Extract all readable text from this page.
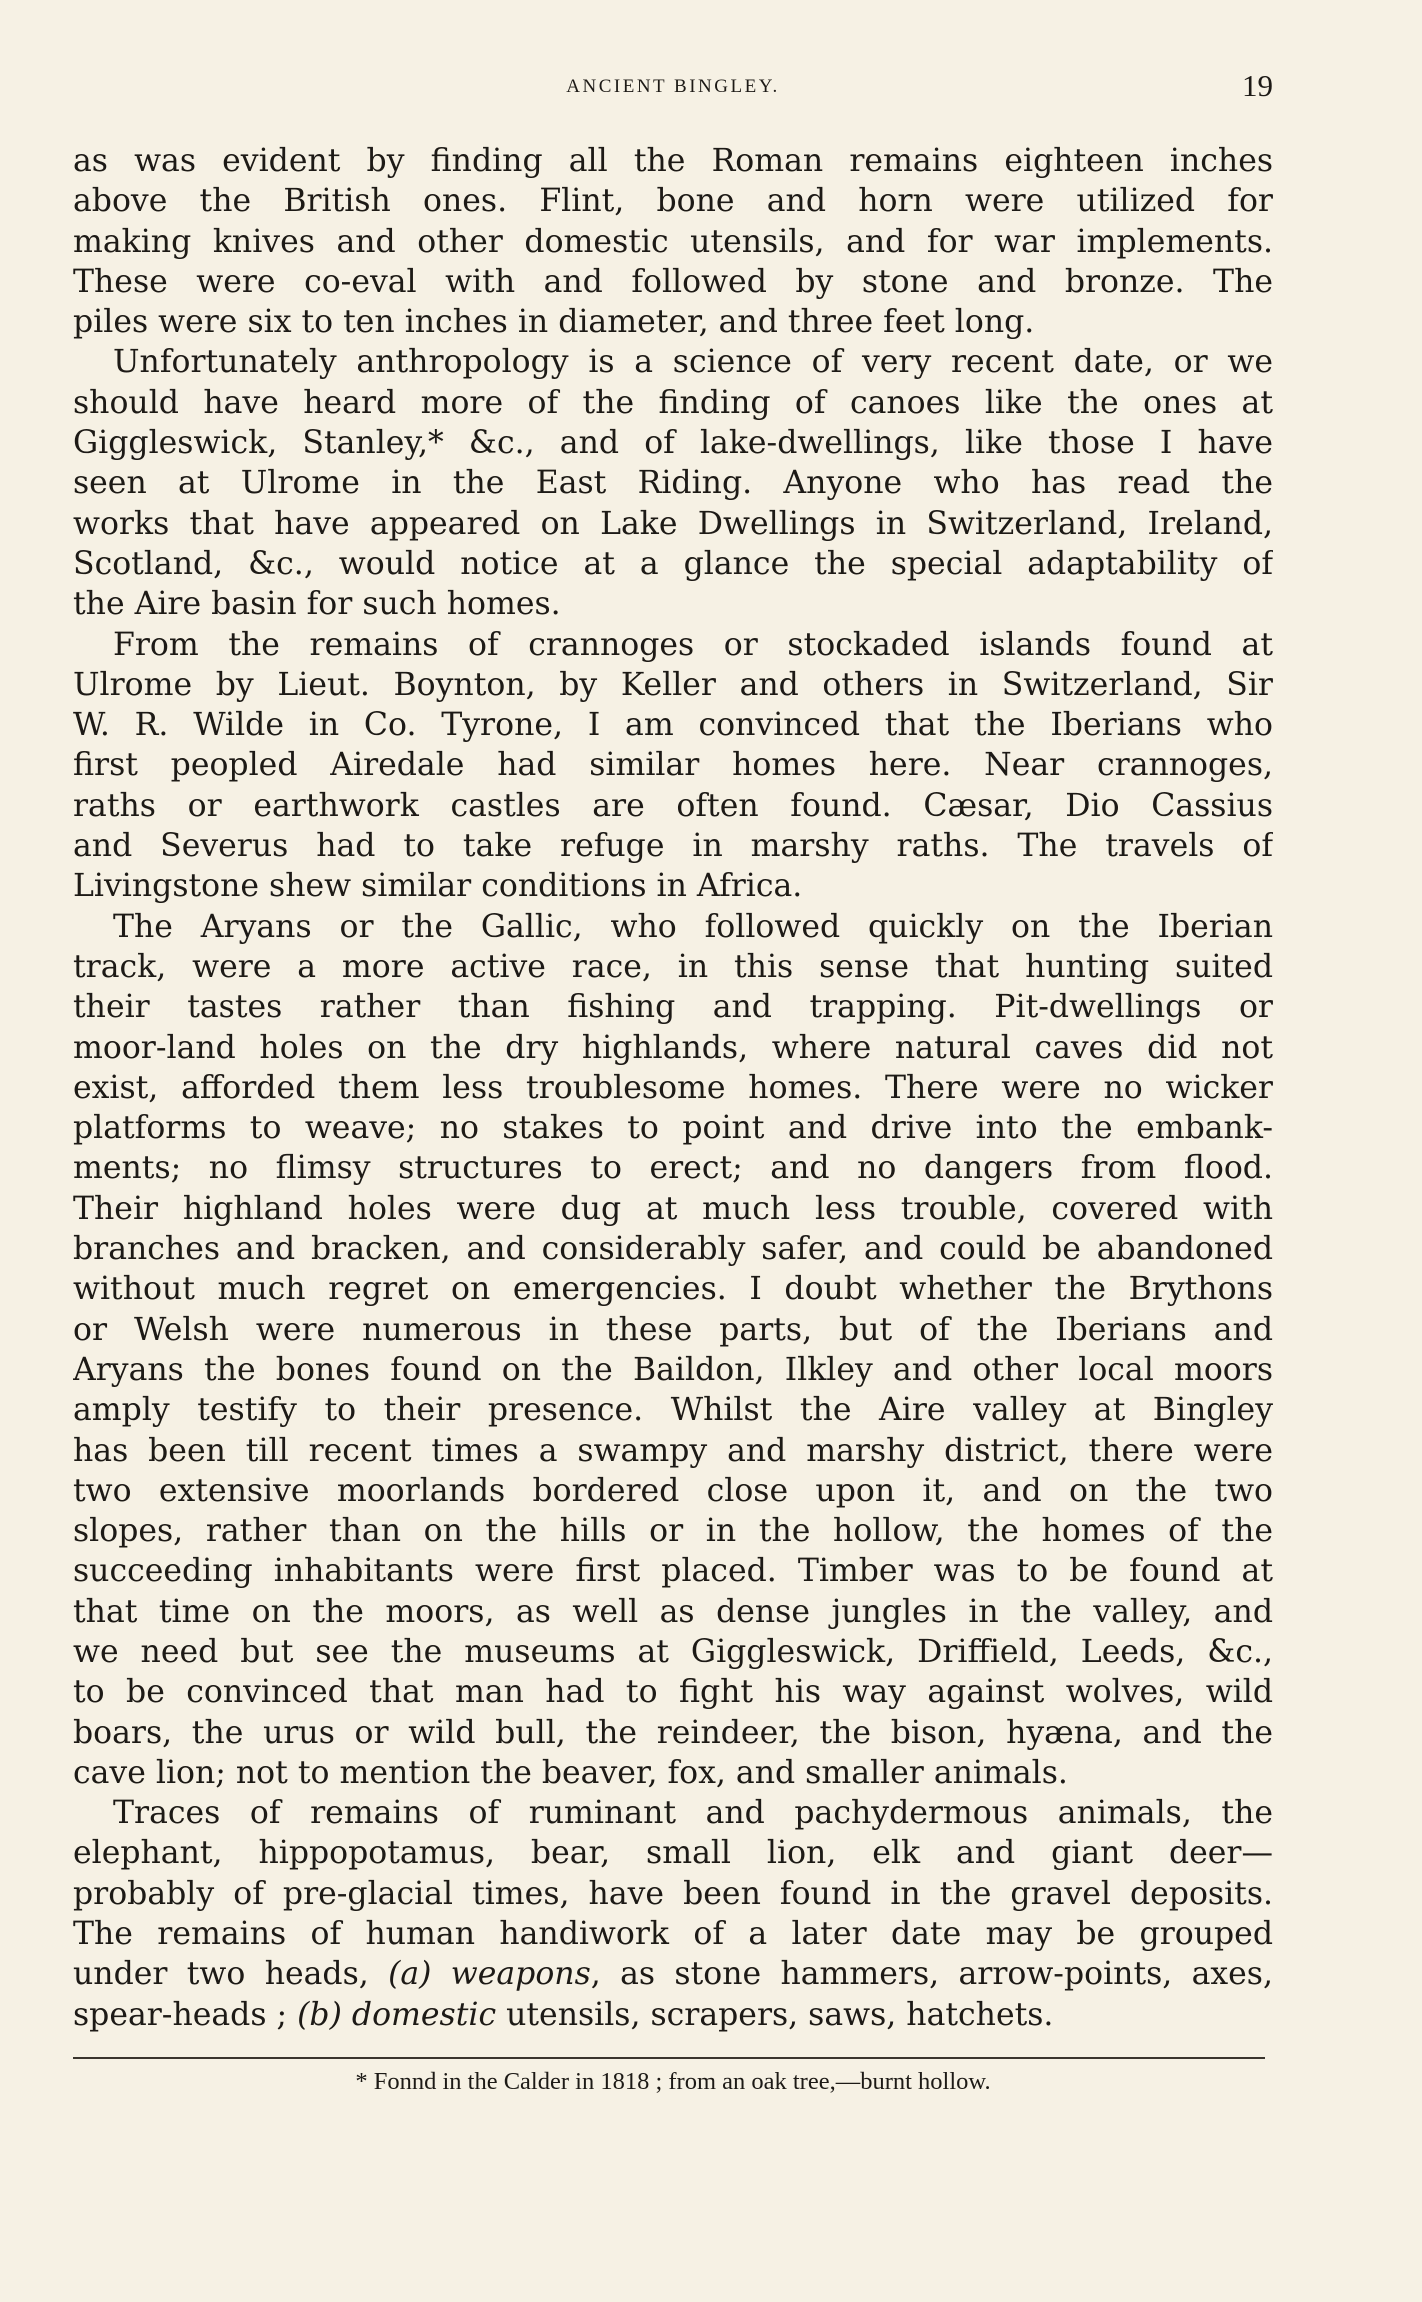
ANCIENT BINGLEY.	19
as was evident by finding all the Roman remains eighteen inches
above the British ones. Flint, bone and horn were utilized for
making knives and other domestic utensils, and for war implements.
These were co-eval with and followed by stone and bronze. The
piles were six to ten inches in diameter, and three feet long.
Unfortunately anthropology is a science of very recent date, or we
should have heard more of the finding of canoes like the ones at
Giggleswick, Stanley,* &c., and of lake-dwellings, like those I have
seen at Ulrome in the East Riding. Anyone who has read the
works that have appeared on Lake Dwellings in Switzerland, Ireland,
Scotland, &c., would notice at a glance the special adaptability of
the Aire basin for such homes.
From the remains of crannoges or stockaded islands found at
Ulrome by Lieut. Boynton, by Keller and others in Switzerland, Sir
W. R. Wilde in Co. Tyrone, I am convinced that the Iberians who
first peopled Airedale had similar homes here. Near crannoges,
raths or earthwork castles are often found. Cæsar, Dio Cassius
and Severus had to take refuge in marshy raths. The travels of
Livingstone shew similar conditions in Africa.
The Aryans or the Gallic, who followed quickly on the Iberian
track, were a more active race, in this sense that hunting suited
their tastes rather than fishing and trapping. Pit-dwellings or
moor-land holes on the dry highlands, where natural caves did not
exist, afforded them less troublesome homes. There were no wicker
platforms to weave; no stakes to point and drive into the embank-
ments; no flimsy structures to erect; and no dangers from flood.
Their highland holes were dug at much less trouble, covered with
branches and bracken, and considerably safer, and could be abandoned
without much regret on emergencies. I doubt whether the Brythons
or Welsh were numerous in these parts, but of the Iberians and
Aryans the bones found on the Baildon, Ilkley and other local moors
amply testify to their presence. Whilst the Aire valley at Bingley
has been till recent times a swampy and marshy district, there were
two extensive moorlands bordered close upon it, and on the two
slopes, rather than on the hills or in the hollow, the homes of the
succeeding inhabitants were first placed. Timber was to be found at
that time on the moors, as well as dense jungles in the valley, and
we need but see the museums at Giggleswick, Driffield, Leeds, &c.,
to be convinced that man had to fight his way against wolves, wild
boars, the urus or wild bull, the reindeer, the bison, hyæna, and the
cave lion; not to mention the beaver, fox, and smaller animals.
Traces of remains of ruminant and pachydermous animals, the
elephant, hippopotamus, bear, small lion, elk and giant deer—
probably of pre-glacial times, have been found in the gravel deposits.
The remains of human handiwork of a later date may be grouped
under two heads, (a) weapons, as stone hammers, arrow-points, axes,
spear-heads ; (b) domestic utensils, scrapers, saws, hatchets.
* Fonnd in the Calder in 1818 ; from an oak tree,—burnt hollow.
